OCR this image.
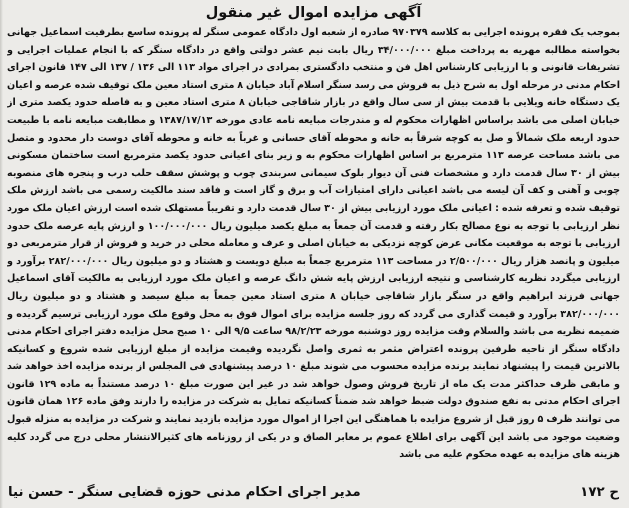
آگهی مزایده اموال غیر منقول

بموجب یک فقره پرونده اجرایی به کلاسه ۹۷۰۳۷۹ صادره از شعبه اول دادگاه عمومی سنگر له پرونده ساسع بطرفیت اسماعیل جهانی بخواسته مطالبه مهریه به پرداخت مبلغ ۳۴/۰۰۰/۰۰۰ ریال بابت نیم عشر دولتی واقع در دادگاه سنگر که با انجام عملیات اجرایی و تشریفات قانونی و با ارزیابی کارشناس اهل فن و منتخب دادگستری بمرادی در اجرای مواد ۱۱۳ الی ۱۳۶ / ۱۳۷ الی ۱۴۷ قانون اجرای احکام مدنی در مرحله اول به شرح ذیل به فروش می رسد سنگر اسلام آباد خیابان ۸ متری استاد معین ملک توقیف شده عرصه و اعیان یک دستگاه خانه ویلایی با قدمت بیش از سی سال واقع در بازار شاقاجی خیابان ۸ متری استاد معین و به فاصله حدود یکصد متری از خیابان اصلی می باشد براساس اظهارات محکوم له و مندرجات مبایعه نامه عادی مورخه ۱۳۸۷/۱۷/۱۳ و مطابقت مبایعه نامه با طبیعت حدود اربعه ملک شمالاً و صل به کوچه شرقاً به خانه و محوطه آقای حسانی و غرباً به خانه و محوطه آقای دوست دار محدود و متصل می باشد مساحت عرصه ۱۱۳ مترمربع بر اساس اظهارات محکوم به و زیر بنای اعیانی حدود یکصد مترمربع است ساختمان مسکونی بیش از ۳۰ سال قدمت دارد و مشخصات فنی آن دیوار بلوک سیمانی سربندی چوب و پوشش سقف حلب درب و پنجره های منصوبه چوبی و آهنی و کف آن لیسه می باشد اعیانی دارای امتیازات آب و برق و گاز است و فاقد سند مالکیت رسمی می باشد ارزش ملک توقیف شده و تعرفه شده : اعیانی ملک مورد ارزیابی بیش از ۳۰ سال قدمت دارد و تقریباً مستهلک شده است ارزش اعیان ملک مورد نظر ارزیابی با توجه به نوع مصالح بکار رفته و قدمت آن جمعاً به مبلغ یکصد میلیون ریال ۱۰۰/۰۰۰/۰۰۰ و ارزش پایه عرصه ملک حدود ارزیابی با توجه به موقعیت مکانی عرض کوچه نزدیکی به خیابان اصلی و عرف و معامله محلی در خرید و فروش از قرار مترمربعی دو میلیون و پانصد هزار ریال ۲/۵۰۰/۰۰۰ در مساحت ۱۱۳ مترمربع جمعاً به مبلغ دویست و هشتاد و دو میلیون ریال ۲۸۲/۰۰۰/۰۰۰ برآورد و ارزیابی میگردد نظریه کارشناسی و نتیجه ارزیابی ارزش پایه شش دانگ عرصه و اعیان ملک مورد ارزیابی به مالکیت آقای اسماعیل جهانی فرزند ابراهیم واقع در سنگر بازار شاقاجی خیابان ۸ متری استاد معین جمعاً به مبلغ سیصد و هشتاد و دو میلیون ریال ۳۸۲/۰۰۰/۰۰۰ برآورد و قیمت گذاری می گردد که روز جلسه مزایده برای اموال فوق به محل وقوع ملک مورد ارزیابی ترسیم گردیده و ضمیمه نظریه می باشد والسلام وقت مزایده روز دوشنبه مورخه ۹۸/۲/۲۳ ساعت ۹/۵ الی ۱۰ صبح محل مزایده دفتر اجرای احکام مدنی دادگاه سنگر از ناحیه طرفین پرونده اعتراض مثمر به ثمری واصل نگردیده وقیمت مزایده از مبلغ ارزیابی شده شروع و کسانیکه بالاترین قیمت را پیشنهاد نمایند برنده مزایده محسوب می شوند مبلغ ۱۰ درصد پیشنهادی فی المجلس از برنده مزایده اخذ خواهد شد و مابقی ظرف حداکثر مدت یک ماه از تاریخ فروش وصول خواهد شد در غیر این صورت مبلغ ۱۰ درصد مستنداً به ماده ۱۲۹ قانون اجرای احکام مدنی به نفع صندوق دولت ضبط خواهد شد ضمناً کسانیکه تمایل به شرکت در مزایده را دارند وفق ماده ۱۲۶ همان قانون می توانند ظرف ۵ روز قبل از شروع مزایده با هماهنگی این اجرا از اموال مورد مزایده بازدید نمایند و شرکت در مزایده به منزله قبول وضعیت موجود می باشد این آگهی برای اطلاع عموم بر معابر الصاق و در یکی از روزنامه های کثیرالانتشار محلی درج می گردد کلیه هزینه های مزایده به عهده محکوم علیه می باشد

ح ۱۷۲
مدیر اجرای احکام مدنی حوزه قضایی سنگر - حسن نیا
